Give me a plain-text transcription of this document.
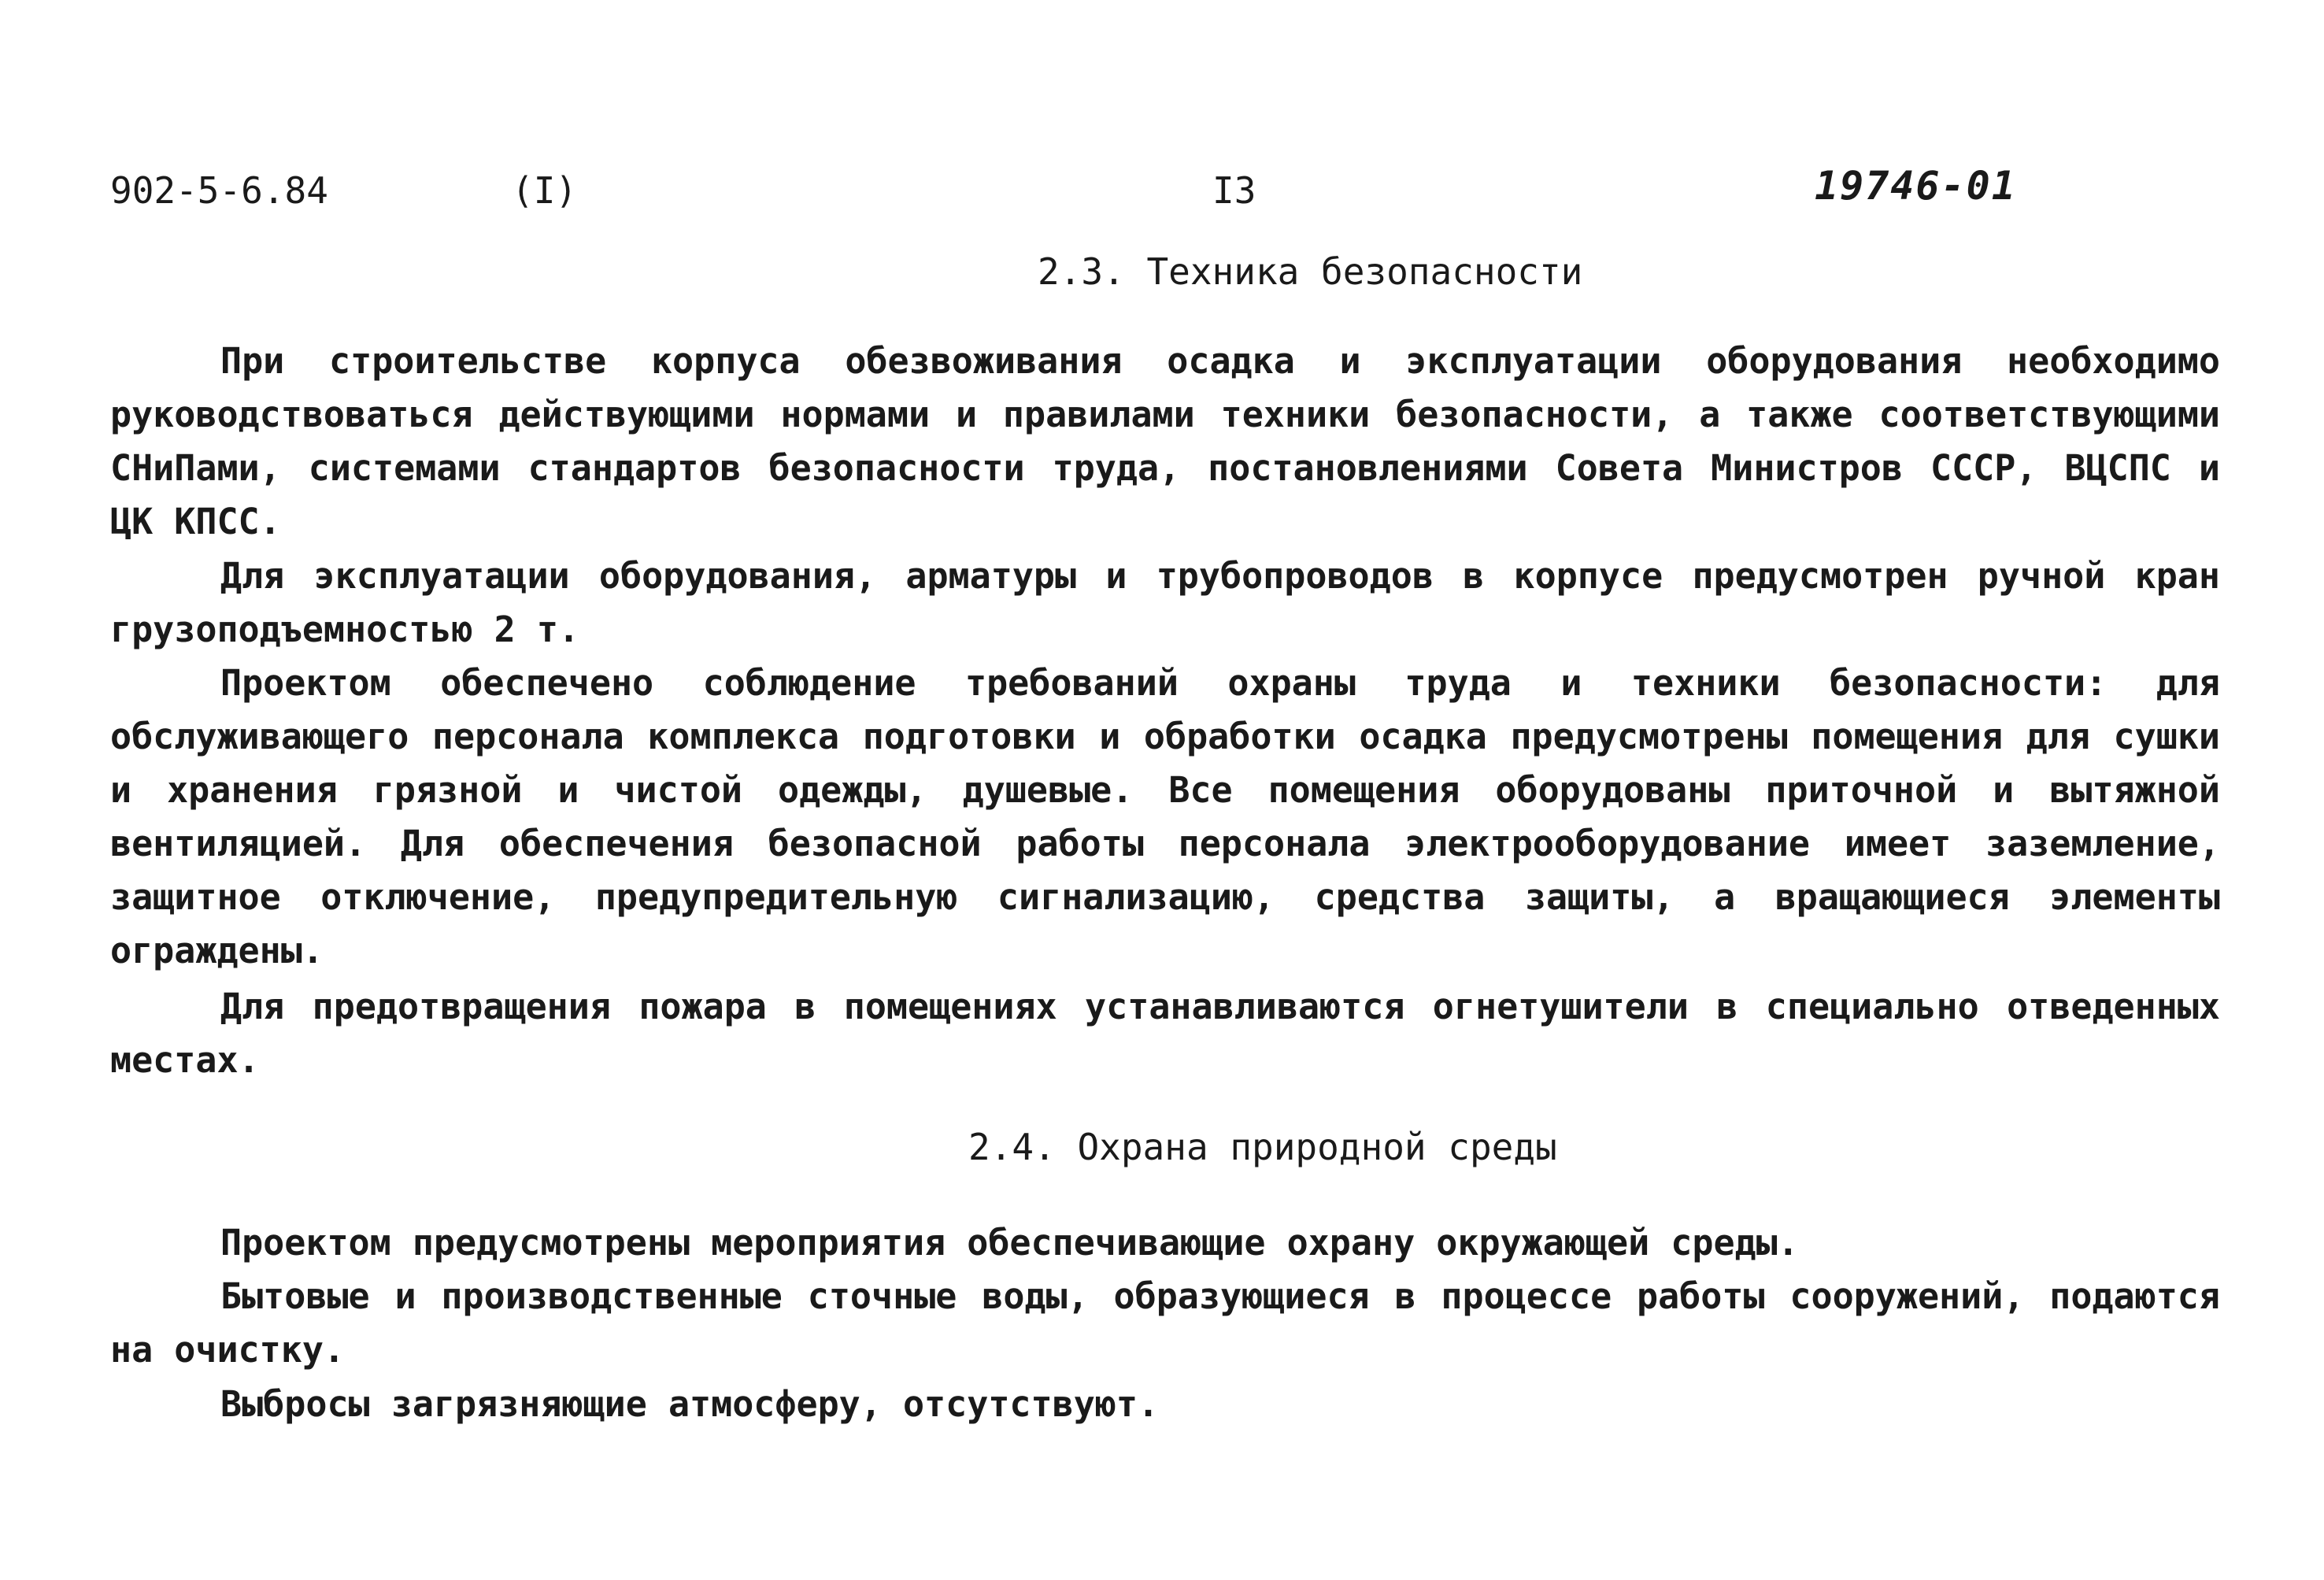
902-5-6.84	(I)	I3	19746-01
2.3. Техника безопасности

При строительстве корпуса обезвоживания осадка и эксплуатации оборудования необходимо руководствоваться действующими нормами и правилами техники безопасности, а также соответствующими СНиПами, системами стандартов безопасности труда, постановлениями Совета Министров СССР, ВЦСПС и ЦК КПСС.

Для эксплуатации оборудования, арматуры и трубопроводов в корпусе предусмотрен ручной кран грузоподъемностью 2 т.

Проектом обеспечено соблюдение требований охраны труда и техники безопасности: для обслуживающего персонала комплекса подготовки и обработки осадка предусмотрены помещения для сушки и хранения грязной и чистой одежды, душевые. Все помещения оборудованы приточной и вытяжной вентиляцией. Для обеспечения безопасной работы персонала электрооборудование имеет заземление, защитное отключение, предупредительную сигнализацию, средства защиты, а вращающиеся элементы ограждены.

Для предотвращения пожара в помещениях устанавливаются огнетушители в специально отведенных местах.

2.4. Охрана природной среды

Проектом предусмотрены мероприятия обеспечивающие охрану окружающей среды.

Бытовые и производственные сточные воды, образующиеся в процессе работы сооружений, подаются на очистку.

Выбросы загрязняющие атмосферу, отсутствуют.
